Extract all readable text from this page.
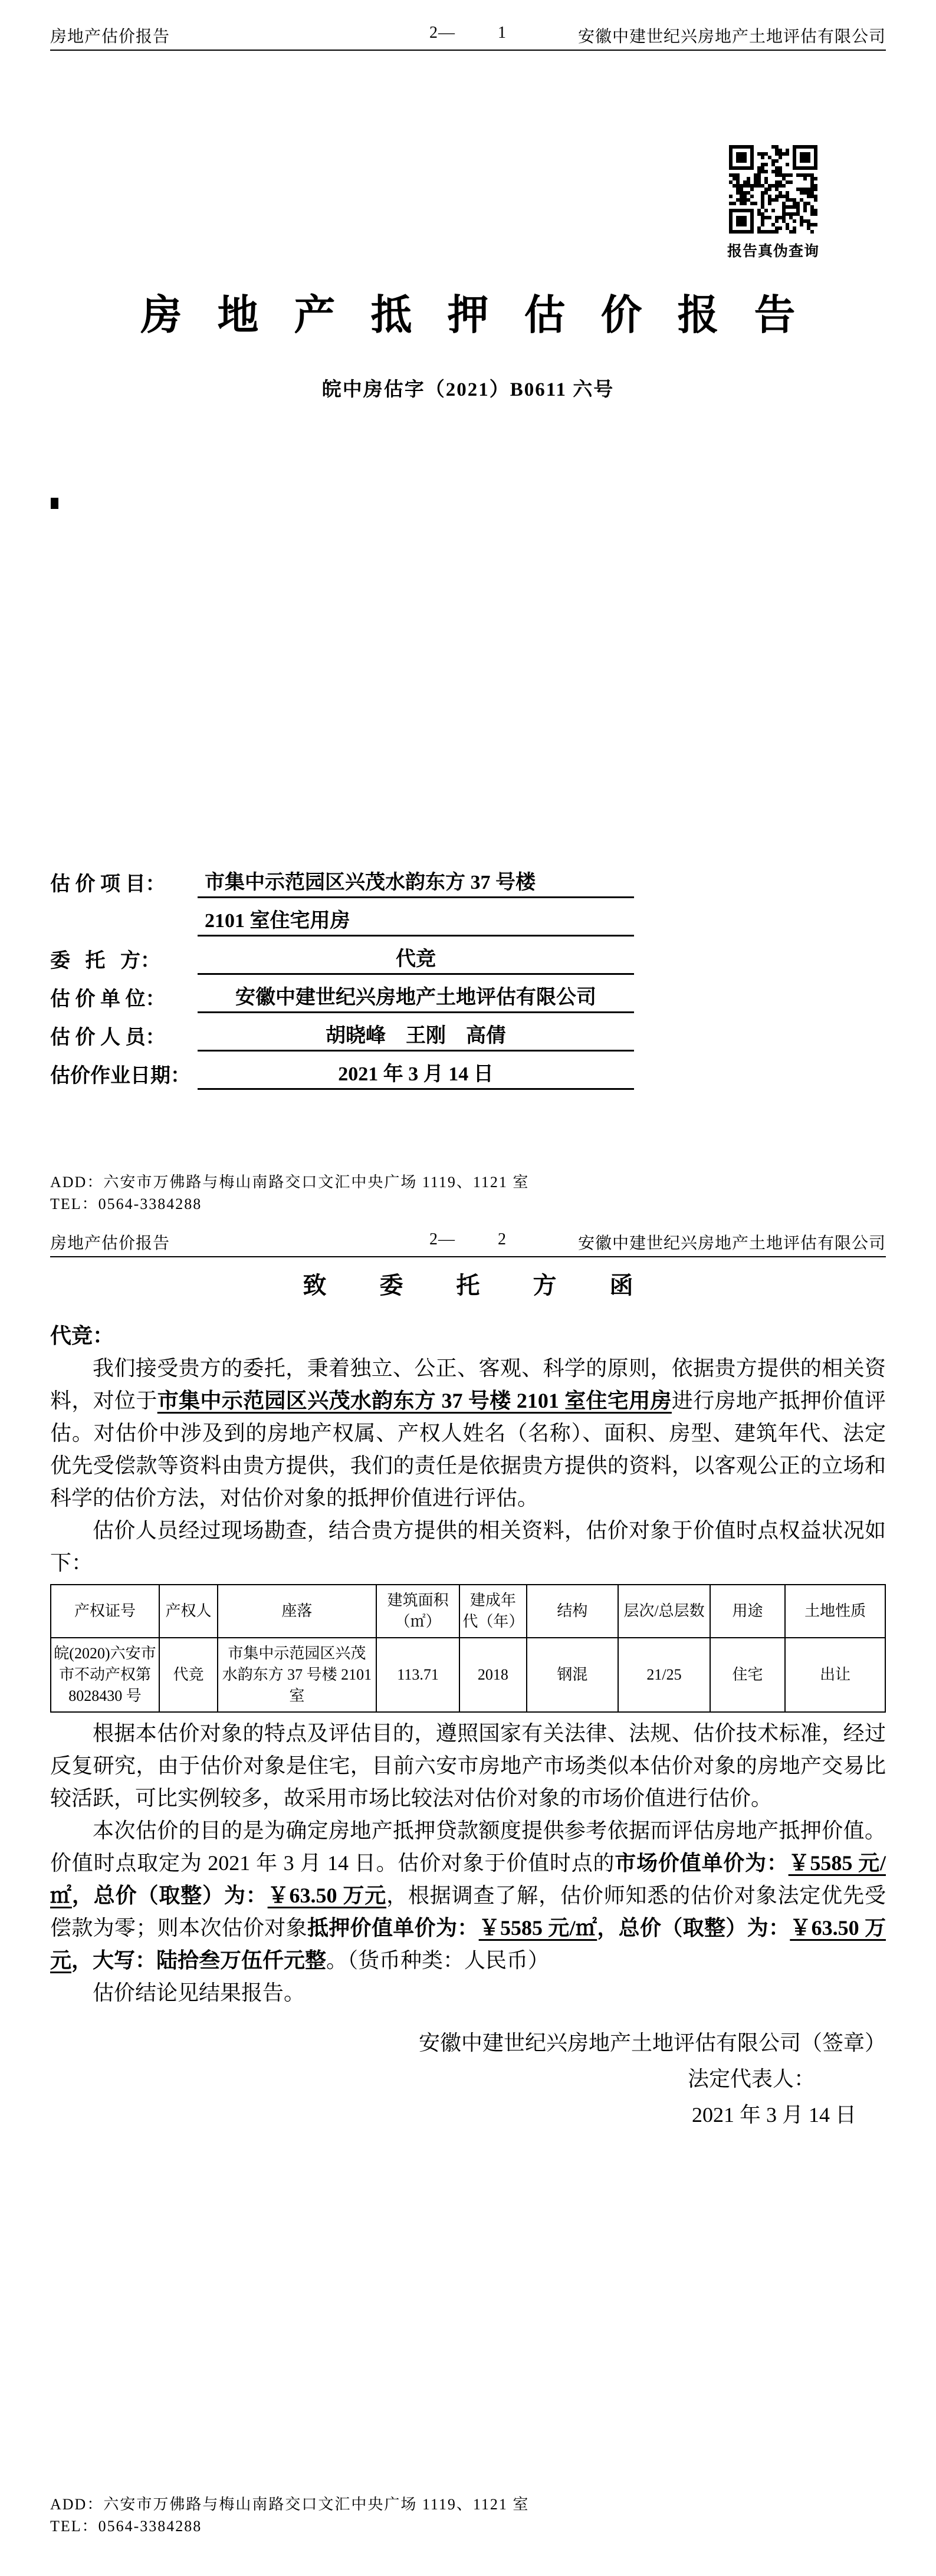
房地产估价报告	2—	1	安徽中建世纪兴房地产土地评估有限公司
报告真伪查询
房地产抵押估价报告
皖中房估字（2021）B0611 六号
估 价 项 目：	市集中示范园区兴茂水韵东方 37 号楼
2101 室住宅用房
委   托   方：	代竞
估 价 单 位：	安徽中建世纪兴房地产土地评估有限公司
估 价 人 员：	胡晓峰    王刚    高倩
估价作业日期：	2021 年 3 月 14 日
ADD：六安市万佛路与梅山南路交口文汇中央广场 1119、1121 室
TEL：0564-3384288
房地产估价报告	2—	2	安徽中建世纪兴房地产土地评估有限公司
致 委 托 方 函
代竞：

我们接受贵方的委托，秉着独立、公正、客观、科学的原则，依据贵方提供的相关资料，对位于市集中示范园区兴茂水韵东方 37 号楼 2101 室住宅用房进行房地产抵押价值评估。对估价中涉及到的房地产权属、产权人姓名（名称）、面积、房型、建筑年代、法定优先受偿款等资料由贵方提供，我们的责任是依据贵方提供的资料，以客观公正的立场和科学的估价方法，对估价对象的抵押价值进行评估。

估价人员经过现场勘查，结合贵方提供的相关资料，估价对象于价值时点权益状况如下：

产权证号	产权人	座落	建筑面积（㎡）	建成年代（年）	结构	层次/总层数	用途	土地性质
皖(2020)六安市市不动产权第 8028430 号	代竞	市集中示范园区兴茂水韵东方 37 号楼 2101 室	113.71	2018	钢混	21/25	住宅	出让

根据本估价对象的特点及评估目的，遵照国家有关法律、法规、估价技术标准，经过反复研究，由于估价对象是住宅，目前六安市房地产市场类似本估价对象的房地产交易比较活跃，可比实例较多，故采用市场比较法对估价对象的市场价值进行估价。

本次估价的目的是为确定房地产抵押贷款额度提供参考依据而评估房地产抵押价值。价值时点取定为 2021 年 3 月 14 日。估价对象于价值时点的市场价值单价为：￥5585 元/㎡，总价（取整）为：￥63.50 万元，根据调查了解，估价师知悉的估价对象法定优先受偿款为零；则本次估价对象抵押价值单价为：￥5585 元/㎡，总价（取整）为：￥63.50 万元，大写：陆拾叁万伍仟元整。（货币种类：人民币）

估价结论见结果报告。

安徽中建世纪兴房地产土地评估有限公司（签章）
法定代表人：
2021 年 3 月 14 日
ADD：六安市万佛路与梅山南路交口文汇中央广场 1119、1121 室
TEL：0564-3384288
